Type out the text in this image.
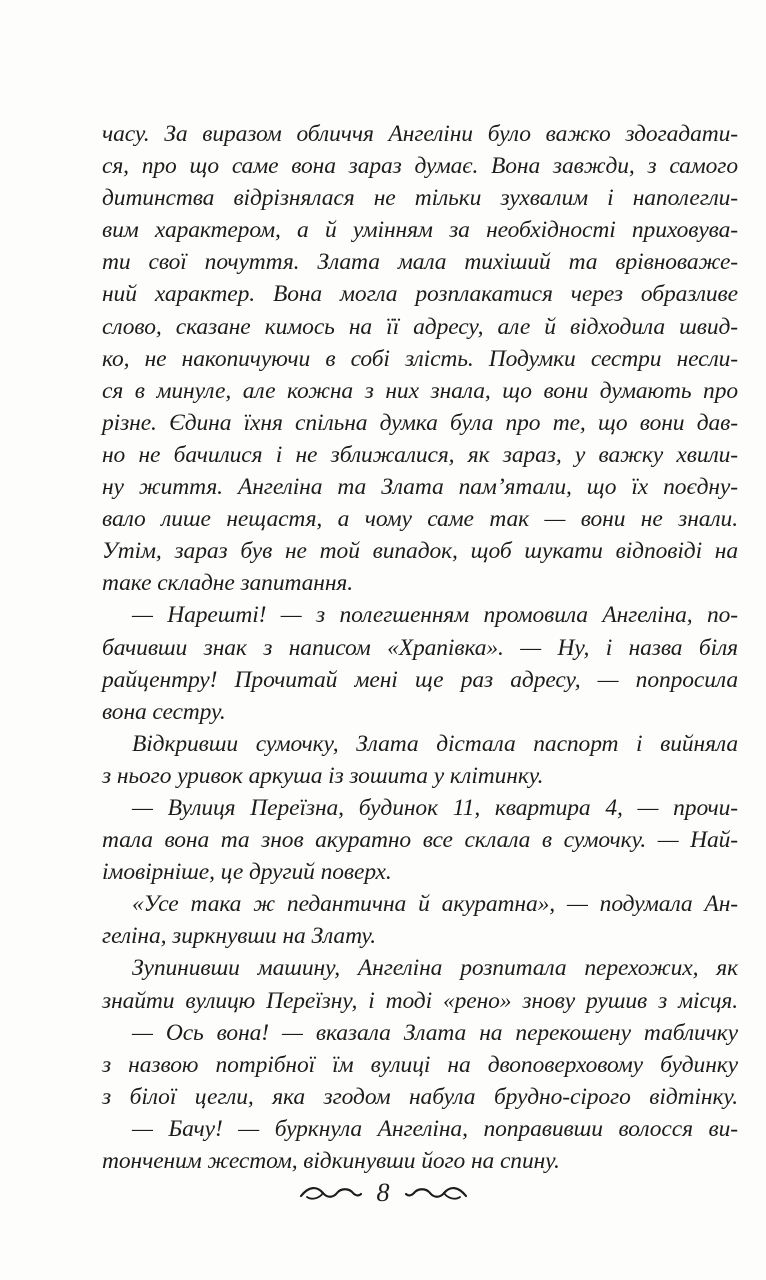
часу. За виразом обличчя Ангеліни було важко здогадати-
ся, про що саме вона зараз думає. Вона завжди, з самого
дитинства відрізнялася не тільки зухвалим і наполегли-
вим характером, а й умінням за необхідності приховува-
ти свої почуття. Злата мала тихіший та врівноваже-
ний характер. Вона могла розплакатися через образливе
слово, сказане кимось на її адресу, але й відходила швид-
ко, не накопичуючи в собі злість. Подумки сестри несли-
ся в минуле, але кожна з них знала, що вони думають про
різне. Єдина їхня спільна думка була про те, що вони дав-
но не бачилися і не зближалися, як зараз, у важку хвили-
ну життя. Ангеліна та Злата пам’ятали, що їх поєдну-
вало лише нещастя, а чому саме так — вони не знали.
Утім, зараз був не той випадок, щоб шукати відповіді на
таке складне запитання.
— Нарешті! — з полегшенням промовила Ангеліна, по-
бачивши знак з написом «Храпівка». — Ну, і назва біля
райцентру! Прочитай мені ще раз адресу, — попросила
вона сестру.
Відкривши сумочку, Злата дістала паспорт і вийняла
з нього уривок аркуша із зошита у клітинку.
— Вулиця Переїзна, будинок 11, квартира 4, — прочи-
тала вона та знов акуратно все склала в сумочку. — Най-
імовірніше, це другий поверх.
«Усе така ж педантична й акуратна», — подумала Ан-
геліна, зиркнувши на Злату.
Зупинивши машину, Ангеліна розпитала перехожих, як
знайти вулицю Переїзну, і тоді «рено» знову рушив з місця.
— Ось вона! — вказала Злата на перекошену табличку
з назвою потрібної їм вулиці на двоповерховому будинку
з білої цегли, яка згодом набула брудно-сірого відтінку.
— Бачу! — буркнула Ангеліна, поправивши волосся ви-
тонченим жестом, відкинувши його на спину.
8
